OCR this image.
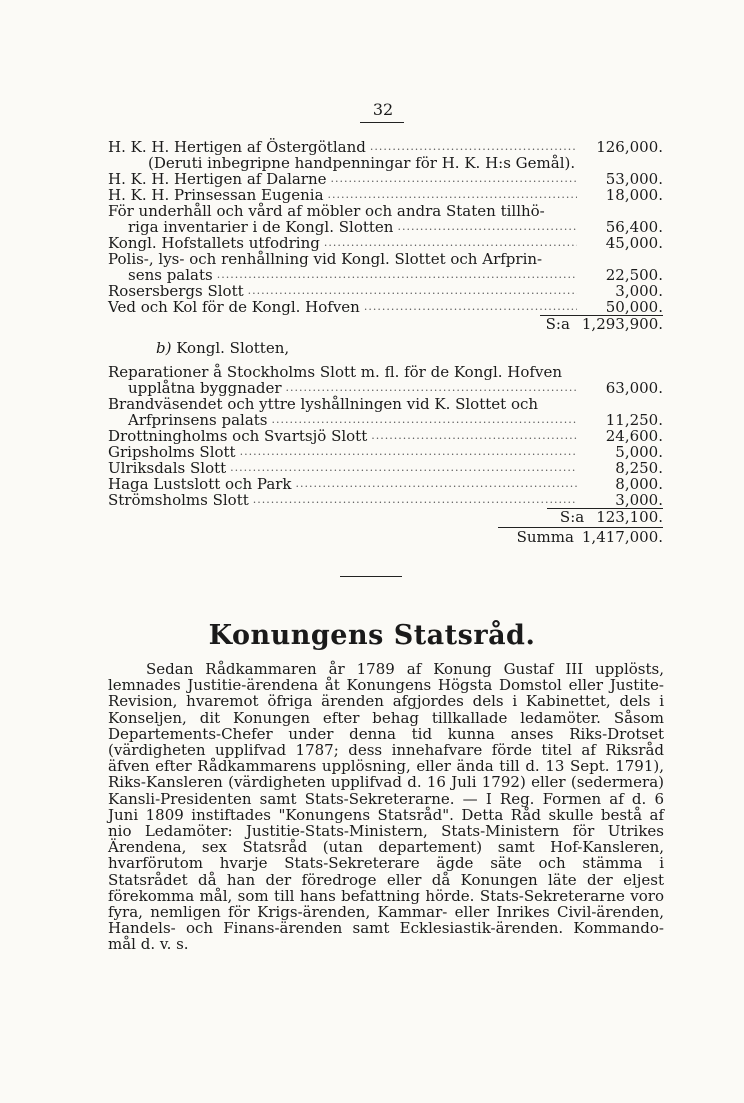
32
H. K. H. Hertigen af Östergötland .....	126,000.
(Deruti inbegripne handpenningar för H. K. H:s Gemål).
H. K. H. Hertigen af Dalarne .....	53,000.
H. K. H. Prinsessan Eugenia .....	18,000.
För underhåll och vård af möbler och andra Staten tillhö-
riga inventarier i de Kongl. Slotten .....	56,400.
Kongl. Hofstallets utfodring .....	45,000.
Polis-, lys- och renhållning vid Kongl. Slottet och Arfprin-
sens palats .....	22,500.
Rosersbergs Slott .....	3,000.
Ved och Kol för de Kongl. Hofven .....	50,000.
S:a 1,293,900.
b) Kongl. Slotten,
Reparationer å Stockholms Slott m. fl. för de Kongl. Hofven
upplåtna byggnader .....	63,000.
Brandväsendet och yttre lyshållningen vid K. Slottet och
Arfprinsens palats .....	11,250.
Drottningholms och Svartsjö Slott .....	24,600.
Gripsholms Slott .....	5,000.
Ulriksdals Slott .....	8,250.
Haga Lustslott och Park .....	8,000.
Strömsholms Slott .....	3,000.
S:a 123,100.
Summa 1,417,000.
Konungens Statsråd.

Sedan Rådkammaren år 1789 af Konung Gustaf III upplösts, lemnades Justitie-ärendena åt Konungens Högsta Domstol eller Justite-Revision, hvaremot öfriga ärenden afgjordes dels i Kabinettet, dels i Konseljen, dit Konungen efter behag tillkallade ledamöter. Såsom Departements-Chefer under denna tid kunna anses Riks-Drotset (värdigheten upplifvad 1787; dess innehafvare förde titel af Riksråd äfven efter Rådkammarens upplösning, eller ända till d. 13 Sept. 1791), Riks-Kansleren (värdigheten upplifvad d. 16 Juli 1792) eller (sedermera) Kansli-Presidenten samt Stats-Sekreterarne. — I Reg. Formen af d. 6 Juni 1809 instiftades "Konungens Statsråd". Detta Råd skulle bestå af nio Ledamöter: Justitie-Stats-Ministern, Stats-Ministern för Utrikes Ärendena, sex Statsråd (utan departement) samt Hof-Kansleren, hvarförutom hvarje Stats-Sekreterare ägde säte och stämma i Statsrådet då han der föredroge eller då Konungen läte der eljest förekomma mål, som till hans befattning hörde. Stats-Sekreterarne voro fyra, nemligen för Krigs-ärenden, Kammar- eller Inrikes Civil-ärenden, Handels- och Finans-ärenden samt Ecklesiastik-ärenden. Kommando-mål d. v. s.
